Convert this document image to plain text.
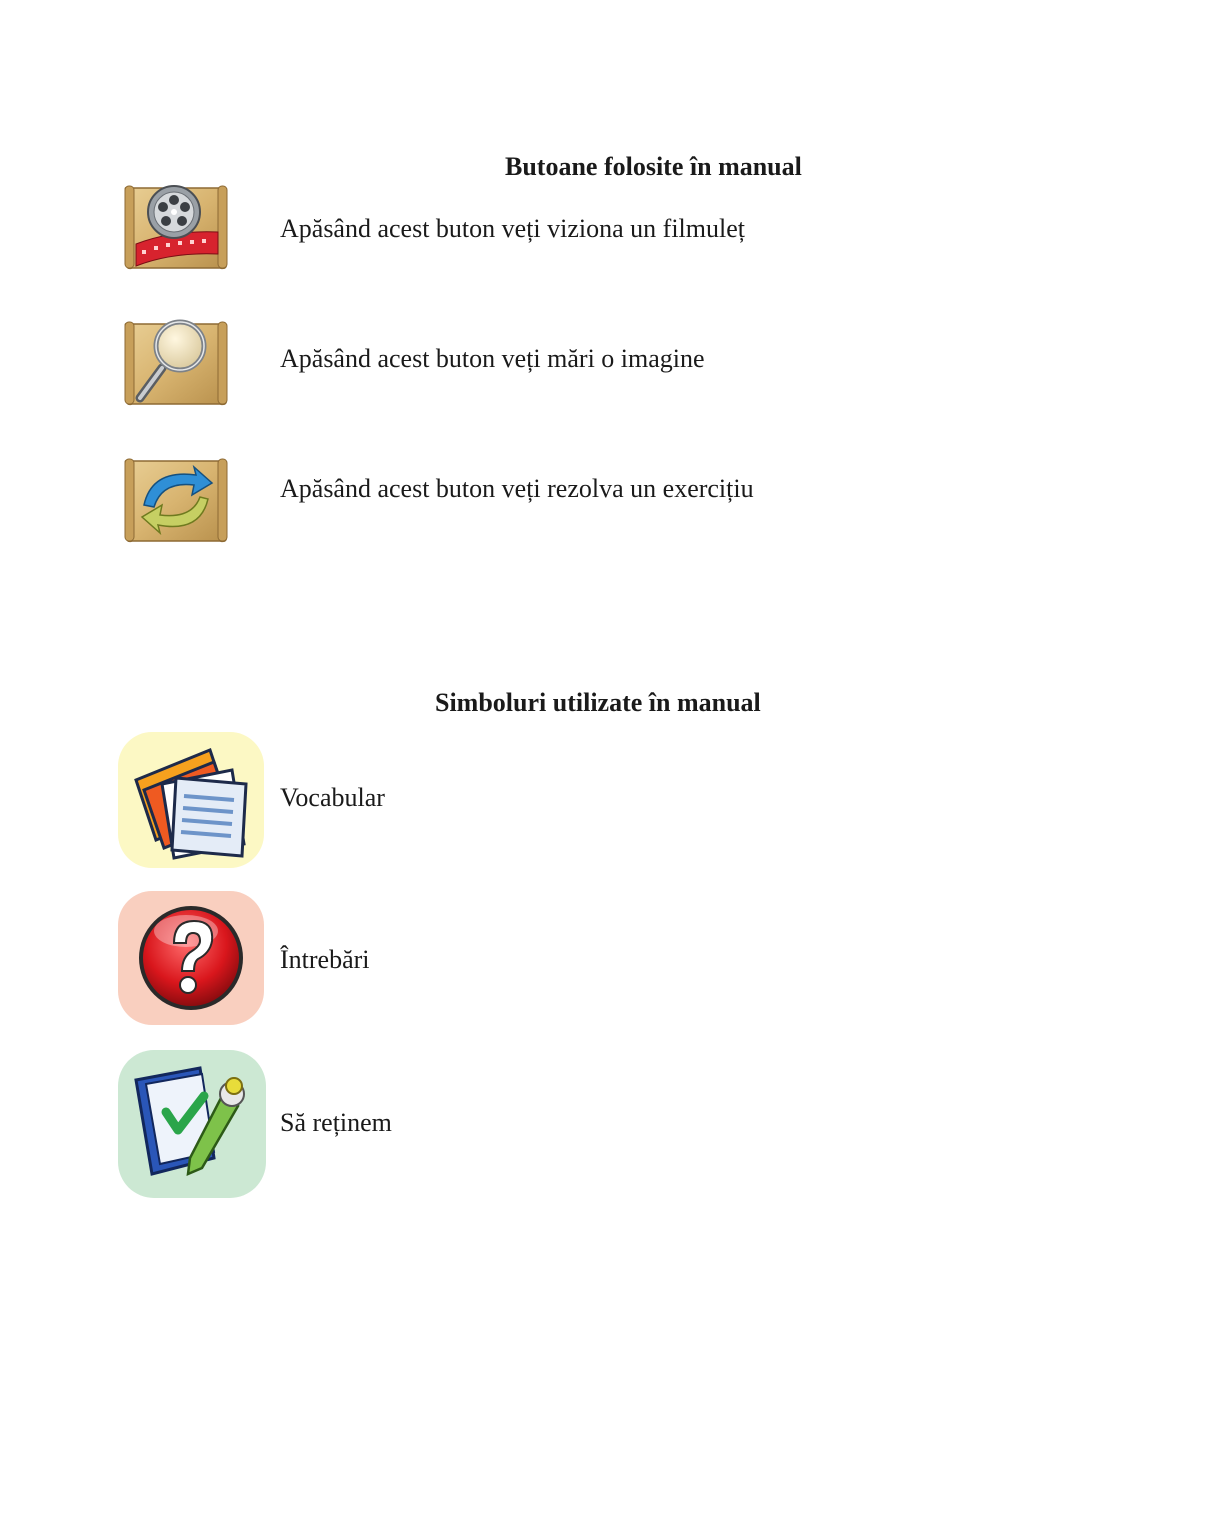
Butoane folosite în manual
Apăsând acest buton veți viziona un filmuleț
Apăsând acest buton veți mări o imagine
Apăsând acest buton veți rezolva un exercițiu
Simboluri utilizate în manual
Vocabular
Întrebări
Să reținem
